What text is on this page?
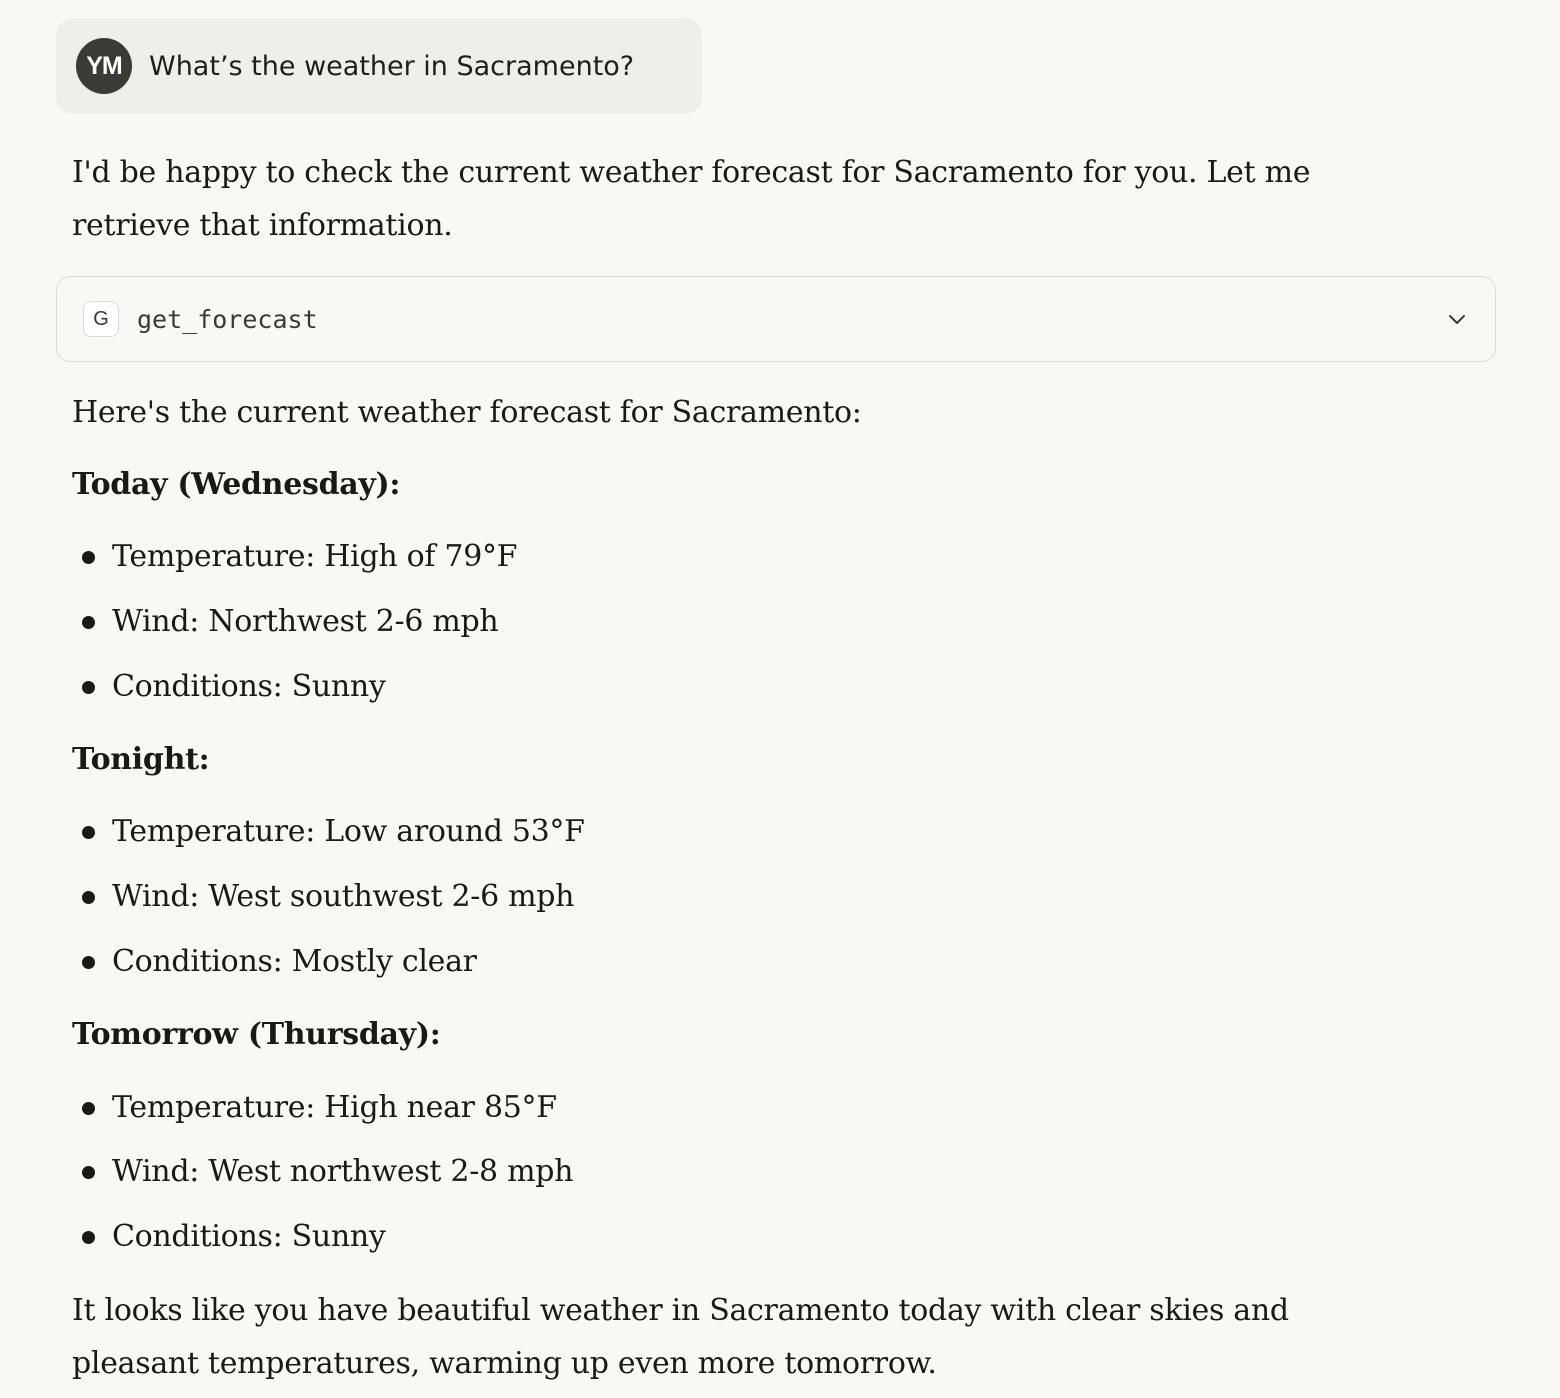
YM	What’s the weather in Sacramento?

I'd be happy to check the current weather forecast for Sacramento for you. Let me retrieve that information.

G	get_forecast
Here's the current weather forecast for Sacramento:
Today (Wednesday):
Temperature: High of 79°F
Wind: Northwest 2-6 mph
Conditions: Sunny
Tonight:
Temperature: Low around 53°F
Wind: West southwest 2-6 mph
Conditions: Mostly clear
Tomorrow (Thursday):
Temperature: High near 85°F
Wind: West northwest 2-8 mph
Conditions: Sunny

It looks like you have beautiful weather in Sacramento today with clear skies and pleasant temperatures, warming up even more tomorrow.
